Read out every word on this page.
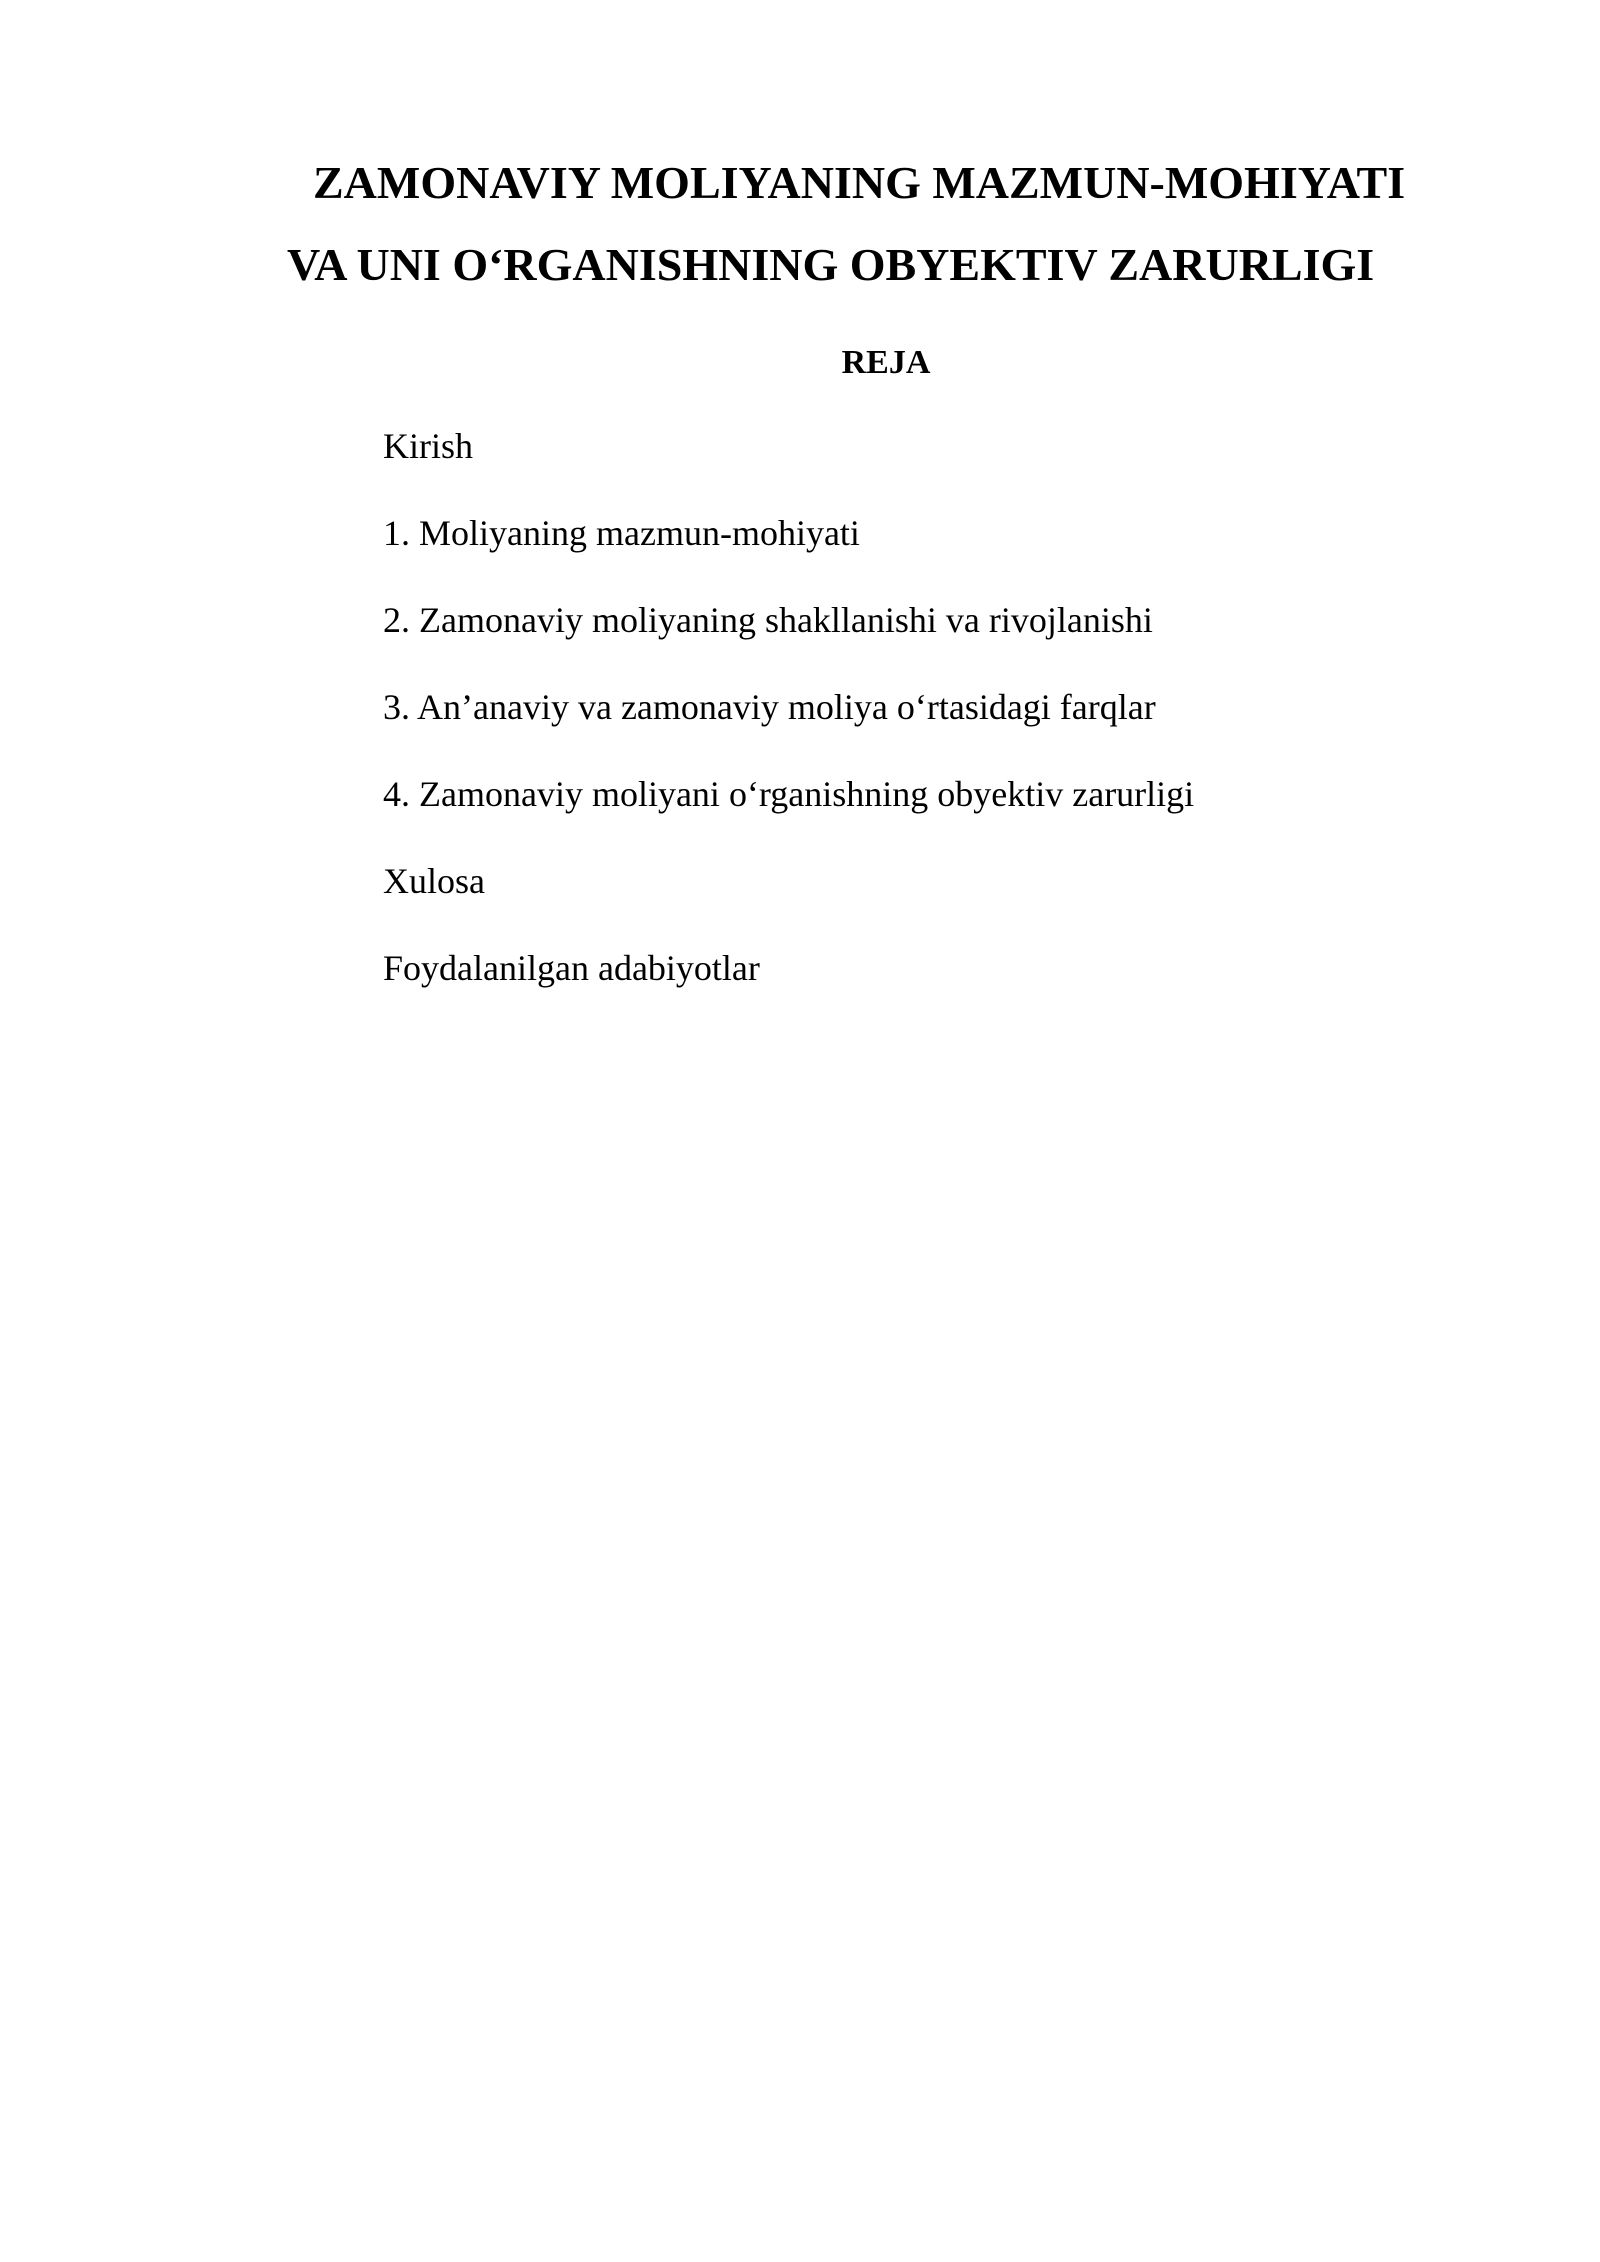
ZAMONAVIY MOLIYANING MAZMUN-MOHIYATI
VA UNI O‘RGANISHNING OBYEKTIV ZARURLIGI
REJA
Kirish
1. Moliyaning mazmun-mohiyati
2. Zamonaviy moliyaning shakllanishi va rivojlanishi
3. An’anaviy va zamonaviy moliya o‘rtasidagi farqlar
4. Zamonaviy moliyani o‘rganishning obyektiv zarurligi
Xulosa
Foydalanilgan adabiyotlar
